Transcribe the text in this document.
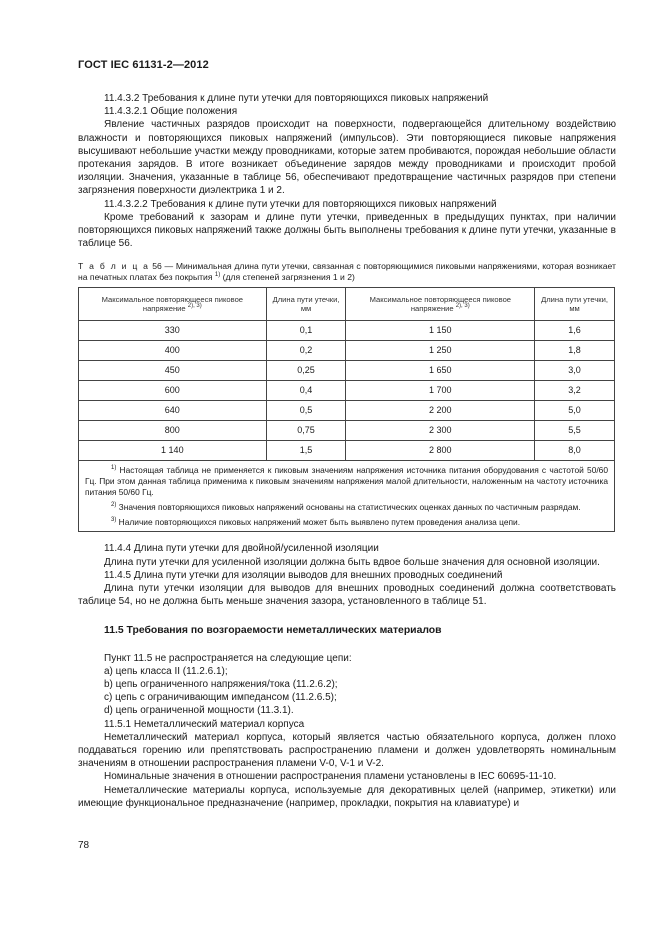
ГОСТ IEC 61131-2—2012

11.4.3.2 Требования к длине пути утечки для повторяющихся пиковых напряжений

11.4.3.2.1 Общие положения

Явление частичных разрядов происходит на поверхности, подвергающейся длительному воздействию влажности и повторяющихся пиковых напряжений (импульсов). Эти повторяющиеся пиковые напряжения высушивают небольшие участки между проводниками, которые затем пробиваются, порождая небольшие области протекания зарядов. В итоге возникает объединение зарядов между проводниками и происходит пробой изоляции. Значения, указанные в таблице 56, обеспечивают предотвращение частичных разрядов при степени загрязнения поверхности диэлектрика 1 и 2.

11.4.3.2.2 Требования к длине пути утечки для повторяющихся пиковых напряжений

Кроме требований к зазорам и длине пути утечки, приведенных в предыдущих пунктах, при наличии повторяющихся пиковых напряжений также должны быть выполнены требования к длине пути утечки, указанные в таблице 56.

Т а б л и ц а 56 — Минимальная длина пути утечки, связанная с повторяющимися пиковыми напряжениями, которая возникает на печатных платах без покрытия $^{1)}$ (для степеней загрязнения 1 и 2)

Максимальное повторяющееся пиковое напряжение $^{2), 3)}$	Длина пути утечки, мм	Максимальное повторяющееся пиковое напряжение $^{2), 3)}$	Длина пути утечки, мм
330	0,1	1 150	1,6
400	0,2	1 250	1,8
450	0,25	1 650	3,0
600	0,4	1 700	3,2
640	0,5	2 200	5,0
800	0,75	2 300	5,5
1 140	1,5	2 800	8,0

$^{1)}$ Настоящая таблица не применяется к пиковым значениям напряжения источника питания оборудования с частотой 50/60 Гц. При этом данная таблица применима к пиковым значениям напряжения малой длительности, наложенным на частоту источника питания 50/60 Гц.

$^{2)}$ Значения повторяющихся пиковых напряжений основаны на статистических оценках данных по частичным разрядам.

$^{3)}$ Наличие повторяющихся пиковых напряжений может быть выявлено путем проведения анализа цепи.			

11.4.4 Длина пути утечки для двойной/усиленной изоляции

Длина пути утечки для усиленной изоляции должна быть вдвое больше значения для основной изоляции.

11.4.5 Длина пути утечки для изоляции выводов для внешних проводных соединений

Длина пути утечки изоляции для выводов для внешних проводных соединений должна соответствовать таблице 54, но не должна быть меньше значения зазора, установленного в таблице 51.

11.5 Требования по возгораемости неметаллических материалов

Пункт 11.5 не распространяется на следующие цепи:

a) цепь класса II (11.2.6.1);

b) цепь ограниченного напряжения/тока (11.2.6.2);

c) цепь с ограничивающим импедансом (11.2.6.5);

d) цепь ограниченной мощности (11.3.1).

11.5.1 Неметаллический материал корпуса

Неметаллический материал корпуса, который является частью обязательного корпуса, должен плохо поддаваться горению или препятствовать распространению пламени и должен удовлетворять номинальным значениям в отношении распространения пламени V-0, V-1 и V-2.

Номинальные значения в отношении распространения пламени установлены в IEC 60695-11-10.

Неметаллические материалы корпуса, используемые для декоративных целей (например, этикетки) или имеющие функциональное предназначение (например, прокладки, покрытия на клавиатуре) и

78
